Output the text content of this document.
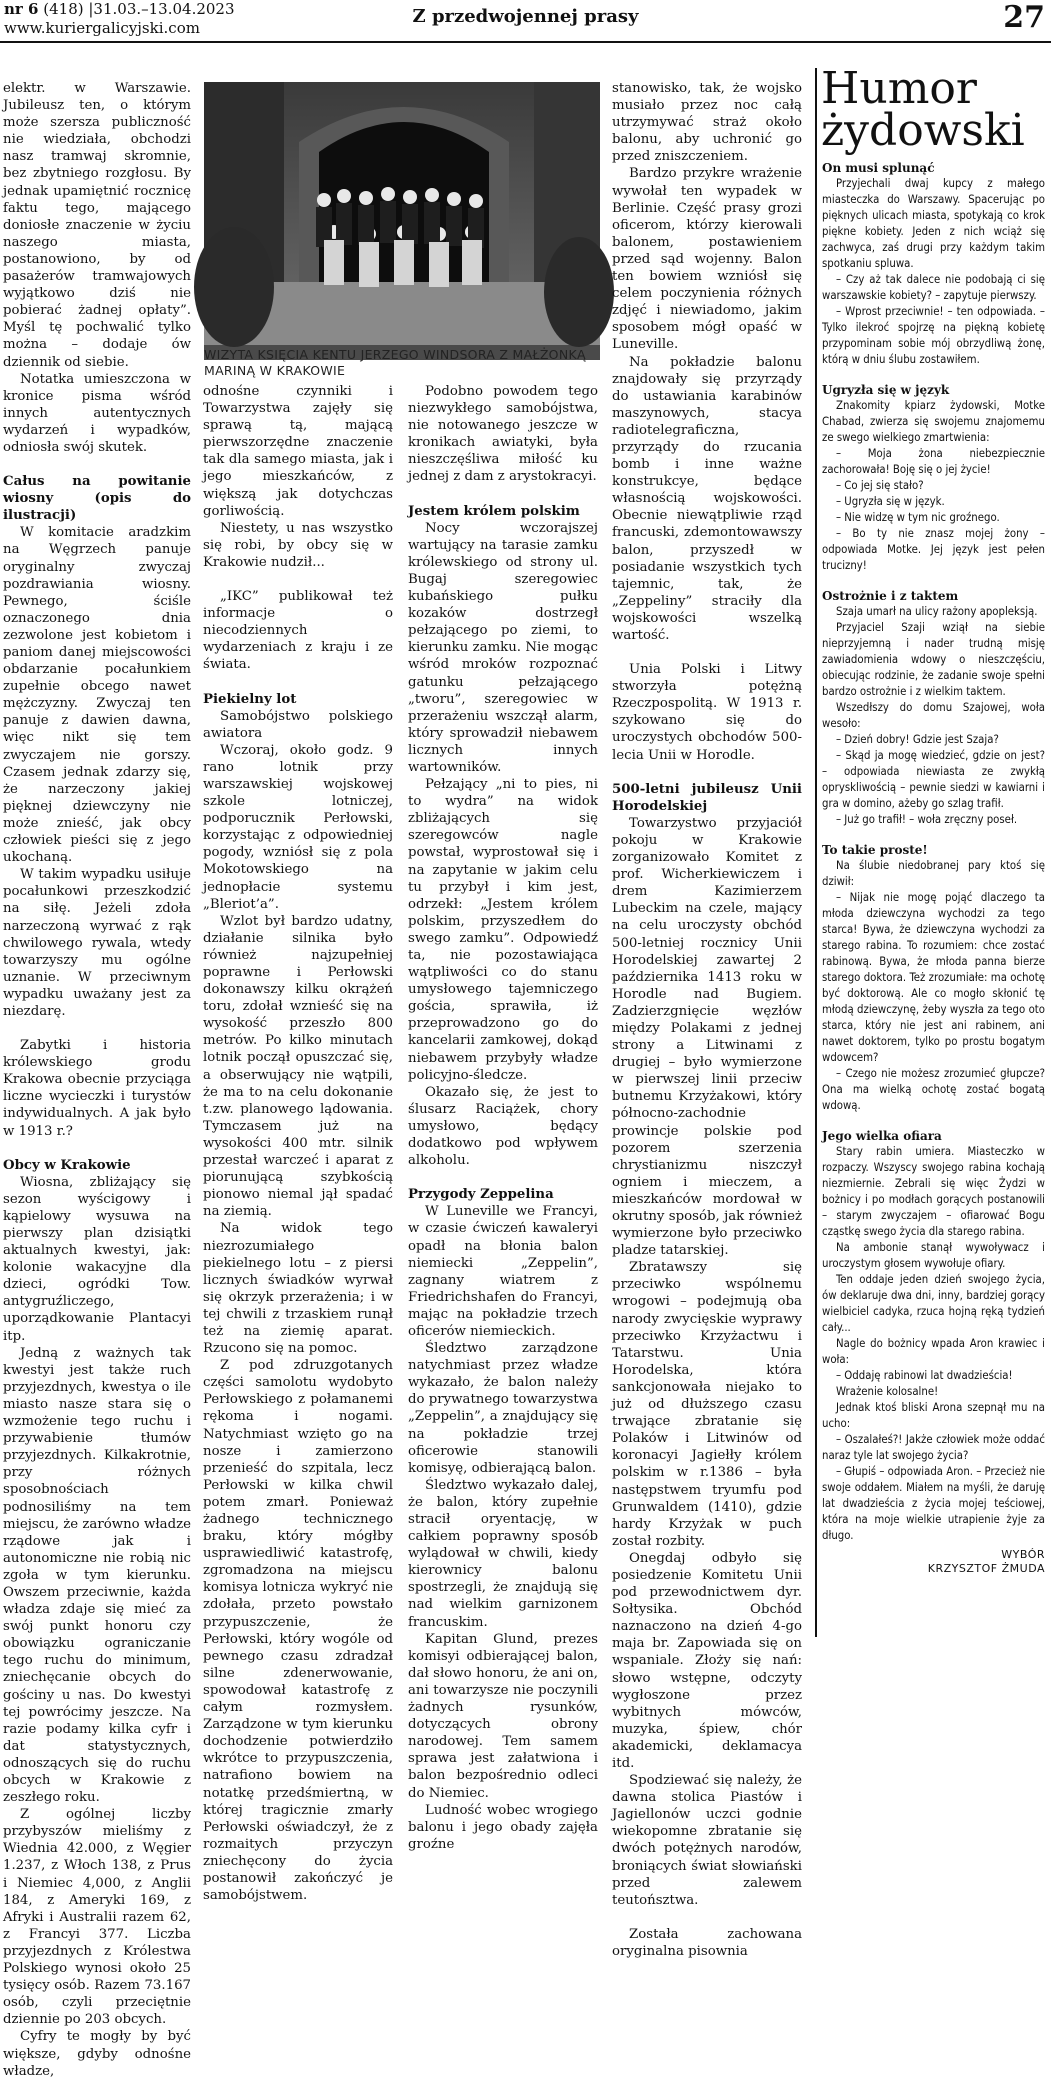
nr 6 (418) |31.03.–13.04.2023
www.kuriergalicyjski.com
Z przedwojennej prasy	27
WIZYTA KSIĘCIA KENTU JERZEGO WINDSORA Z MAŁŻONKĄ MARINĄ W KRAKOWIE

elektr. w Warszawie. Jubileusz ten, o którym może szersza publiczność nie wiedziała, obchodzi nasz tramwaj skromnie, bez zbytniego rozgłosu. By jednak upamiętnić rocznicę faktu tego, mającego doniosłe znaczenie w życiu naszego miasta, postanowiono, by od pasażerów tramwajowych wyjątkowo dziś nie pobierać żadnej opłaty”. Myśl tę pochwalić tylko można – dodaje ów dziennik od siebie.

Notatka umieszczona w kronice pisma wśród innych autentycznych wydarzeń i wypadków, odniosła swój skutek.

Całus na powitanie wiosny (opis do ilustracji)

W komitacie aradzkim na Węgrzech panuje oryginalny zwyczaj pozdrawiania wiosny. Pewnego, ściśle oznaczonego dnia zezwolone jest kobietom i paniom danej miejscowości obdarzanie pocałunkiem zupełnie obcego nawet mężczyzny. Zwyczaj ten panuje z dawien dawna, więc nikt się tem zwyczajem nie gorszy. Czasem jednak zdarzy się, że narzeczony jakiej pięknej dziewczyny nie może znieść, jak obcy człowiek pieści się z jego ukochaną.

W takim wypadku usiłuje pocałunkowi przeszkodzić na siłę. Jeżeli zdoła narzeczoną wyrwać z rąk chwilowego rywala, wtedy towarzyszy mu ogólne uznanie. W przeciwnym wypadku uważany jest za niezdarę.

Zabytki i historia królewskiego grodu Krakowa obecnie przyciąga liczne wycieczki i turystów indywidualnych. A jak było w 1913 r.?

Obcy w Krakowie

Wiosna, zbliżający się sezon wyścigowy i kąpielowy wysuwa na pierwszy plan dzisiątki aktualnych kwestyi, jak: kolonie wakacyjne dla dzieci, ogródki Tow. antygruźliczego, uporządkowanie Plantacyi itp.

Jedną z ważnych tak kwestyi jest także ruch przyjezdnych, kwestya o ile miasto nasze stara się o wzmożenie tego ruchu i przywabienie tłumów przyjezdnych. Kilkakrotnie, przy różnych sposobnościach podnosiliśmy na tem miejscu, że zarówno władze rządowe jak i autonomiczne nie robią nic zgoła w tym kierunku. Owszem przeciwnie, każda władza zdaje się mieć za swój punkt honoru czy obowiązku ograniczanie tego ruchu do minimum, zniechęcanie obcych do gościny u nas. Do kwestyi tej powrócimy jeszcze. Na razie podamy kilka cyfr i dat statystycznych, odnoszących się do ruchu obcych w Krakowie z zeszłego roku.

Z ogólnej liczby przybyszów mieliśmy z Wiednia 42.000, z Węgier 1.237, z Włoch 138, z Prus i Niemiec 4,000, z Anglii 184, z Ameryki 169, z Afryki i Australii razem 62, z Francyi 377. Liczba przyjezdnych z Królestwa Polskiego wynosi około 25 tysięcy osób. Razem 73.167 osób, czyli przeciętnie dziennie po 203 obcych.

Cyfry te mogły by być większe, gdyby odnośne władze,

odnośne czynniki i Towarzystwa zajęły się sprawą tą, mającą pierwszorzędne znaczenie tak dla samego miasta, jak i jego mieszkańców, z większą jak dotychczas gorliwością.

Niestety, u nas wszystko się robi, by obcy się w Krakowie nudził...

„IKC” publikował też informacje o niecodziennych wydarzeniach z kraju i ze świata.

Piekielny lot

Samobójstwo polskiego awiatora

Wczoraj, około godz. 9 rano lotnik przy warszawskiej wojskowej szkole lotniczej, podporucznik Perłowski, korzystając z odpowiedniej pogody, wzniósł się z pola Mokotowskiego na jednopłacie systemu „Bleriot’a”.

Wzlot był bardzo udatny, działanie silnika było również najzupełniej poprawne i Perłowski dokonawszy kilku okrążeń toru, zdołał wznieść się na wysokość przeszło 800 metrów. Po kilko minutach lotnik począł opuszczać się, a obserwujący nie wątpili, że ma to na celu dokonanie t.zw. planowego lądowania. Tymczasem już na wysokości 400 mtr. silnik przestał warczeć i aparat z piorunującą szybkością pionowo niemal jął spadać na ziemią.

Na widok tego niezrozumiałego piekielnego lotu – z piersi licznych świadków wyrwał się okrzyk przerażenia; i w tej chwili z trzaskiem runął też na ziemię aparat. Rzucono się na pomoc.

Z pod zdruzgotanych części samolotu wydobyto Perłowskiego z połamanemi rękoma i nogami. Natychmiast wzięto go na nosze i zamierzono przenieść do szpitala, lecz Perłowski w kilka chwil potem zmarł. Ponieważ żadnego technicznego braku, który mógłby usprawiedliwić katastrofę, zgromadzona na miejscu komisya lotnicza wykryć nie zdołała, przeto powstało przypuszczenie, że Perłowski, który wogóle od pewnego czasu zdradzał silne zdenerwowanie, spowodował katastrofę z całym rozmysłem. Zarządzone w tym kierunku dochodzenie potwierdziło wkrótce to przypuszczenia, natrafiono bowiem na notatkę przedśmiertną, w której tragicznie zmarły Perłowski oświadczył, że z rozmaitych przyczyn zniechęcony do życia postanowił zakończyć je samobójstwem.

Podobno powodem tego niezwykłego samobójstwa, nie notowanego jeszcze w kronikach awiatyki, była nieszczęśliwa miłość ku jednej z dam z arystokracyi.

Jestem królem polskim

Nocy wczorajszej wartujący na tarasie zamku królewskiego od strony ul. Bugaj szeregowiec kubańskiego pułku kozaków dostrzegł pełzającego po ziemi, to kierunku zamku. Nie mogąc wśród mroków rozpoznać gatunku pełzającego „tworu”, szeregowiec w przerażeniu wszczął alarm, który sprowadził niebawem licznych innych wartowników.

Pełzający „ni to pies, ni to wydra” na widok zbliżających się szeregowców nagle powstał, wyprostował się i na zapytanie w jakim celu tu przybył i kim jest, odrzekł: „Jestem królem polskim, przyszedłem do swego zamku”. Odpowiedź ta, nie pozostawiająca wątpliwości co do stanu umysłowego tajemniczego gościa, sprawiła, iż przeprowadzono go do kancelarii zamkowej, dokąd niebawem przybyły władze policyjno-śledcze.

Okazało się, że jest to ślusarz Raciążek, chory umysłowo, będący dodatkowo pod wpływem alkoholu.

Przygody Zeppelina

W Luneville we Francyi, w czasie ćwiczeń kawaleryi opadł na błonia balon niemiecki „Zeppelin”, zagnany wiatrem z Friedrichshafen do Francyi, mając na pokładzie trzech oficerów niemieckich.

Śledztwo zarządzone natychmiast przez władze wykazało, że balon należy do prywatnego towarzystwa „Zeppelin”, a znajdujący się na pokładzie trzej oficerowie stanowili komisyę, odbierającą balon.

Śledztwo wykazało dalej, że balon, który zupełnie stracił oryentację, w całkiem poprawny sposób wylądował w chwili, kiedy kierownicy balonu spostrzegli, że znajdują się nad wielkim garnizonem francuskim.

Kapitan Glund, prezes komisyi odbierającej balon, dał słowo honoru, że ani on, ani towarzysze nie poczynili żadnych rysunków, dotyczących obrony narodowej. Tem samem sprawa jest załatwiona i balon bezpośrednio odleci do Niemiec.

Ludność wobec wrogiego balonu i jego obady zajęła groźne

stanowisko, tak, że wojsko musiało przez noc całą utrzymywać straż około balonu, aby uchronić go przed zniszczeniem.

Bardzo przykre wrażenie wywołał ten wypadek w Berlinie. Część prasy grozi oficerom, którzy kierowali balonem, postawieniem przed sąd wojenny. Balon ten bowiem wzniósł się celem poczynienia różnych zdjęć i niewiadomo, jakim sposobem mógł opaść w Luneville.

Na pokładzie balonu znajdowały się przyrządy do ustawiania karabinów maszynowych, stacya radiotelegraficzna, przyrządy do rzucania bomb i inne ważne konstrukcye, będące własnością wojskowości. Obecnie niewątpliwie rząd francuski, zdemontowawszy balon, przyszedł w posiadanie wszystkich tych tajemnic, tak, że „Zeppeliny” straciły dla wojskowości wszelką wartość.

Unia Polski i Litwy stworzyła potężną Rzeczpospolitą. W 1913 r. szykowano się do uroczystych obchodów 500-lecia Unii w Horodle.

500-letni jubileusz Unii Horodelskiej

Towarzystwo przyjaciół pokoju w Krakowie zorganizowało Komitet z prof. Wicherkiewiczem i drem Kazimierzem Lubeckim na czele, mający na celu uroczysty obchód 500-letniej rocznicy Unii Horodelskiej zawartej 2 października 1413 roku w Horodle nad Bugiem. Zadzierzgnięcie węzłów między Polakami z jednej strony a Litwinami z drugiej – było wymierzone w pierwszej linii przeciw butnemu Krzyżakowi, który północno-zachodnie prowincje polskie pod pozorem szerzenia chrystianizmu niszczył ogniem i mieczem, a mieszkańców mordował w okrutny sposób, jak również wymierzone było przeciwko pladze tatarskiej.

Zbratawszy się przeciwko wspólnemu wrogowi – podejmują oba narody zwycięskie wyprawy przeciwko Krzyżactwu i Tatarstwu. Unia Horodelska, która sankcjonowała niejako to już od dłuższego czasu trwające zbratanie się Polaków i Litwinów od koronacyi Jagiełły królem polskim w r.1386 – była następstwem tryumfu pod Grunwaldem (1410), gdzie hardy Krzyżak w puch został rozbity.

Onegdaj odbyło się posiedzenie Komitetu Unii pod przewodnictwem dyr. Sołtysika. Obchód naznaczono na dzień 4-go maja br. Zapowiada się on wspaniale. Złoży się nań: słowo wstępne, odczyty wygłoszone przez wybitnych mówców, muzyka, śpiew, chór akademicki, deklamacya itd.

Spodziewać się należy, że dawna stolica Piastów i Jagiellonów uczci godnie wiekopomne zbratanie się dwóch potężnych narodów, broniących świat słowiański przed zalewem teutońsztwa.

Została zachowana oryginalna pisownia

Humor
żydowski
On musi splunąć

Przyjechali dwaj kupcy z małego miasteczka do Warszawy. Spacerując po pięknych ulicach miasta, spotykają co krok piękne kobiety. Jeden z nich wciąż się zachwyca, zaś drugi przy każdym takim spotkaniu spluwa.

– Czy aż tak dalece nie podobają ci się warszawskie kobiety? – zapytuje pierwszy.

– Wprost przeciwnie! – ten odpowiada. – Tylko ilekroć spojrzę na piękną kobietę przypominam sobie mój obrzydliwą żonę, którą w dniu ślubu zostawiłem.

Ugryzła się w język

Znakomity kpiarz żydowski, Motke Chabad, zwierza się swojemu znajomemu ze swego wielkiego zmartwienia:

– Moja żona niebezpiecznie zachorowała! Boję się o jej życie!

– Co jej się stało?

– Ugryzła się w język.

– Nie widzę w tym nic groźnego.

– Bo ty nie znasz mojej żony – odpowiada Motke. Jej język jest pełen trucizny!

Ostrożnie i z taktem

Szaja umarł na ulicy rażony apopleksją.

Przyjaciel Szaji wziął na siebie nieprzyjemną i nader trudną misję zawiadomienia wdowy o nieszczęściu, obiecując rodzinie, że zadanie swoje spełni bardzo ostrożnie i z wielkim taktem.

Wszedłszy do domu Szajowej, woła wesoło:

– Dzień dobry! Gdzie jest Szaja?

– Skąd ja mogę wiedzieć, gdzie on jest? – odpowiada niewiasta ze zwykłą opryskliwością – pewnie siedzi w kawiarni i gra w domino, ażeby go szlag trafił.

– Już go trafił! – woła zręczny poseł.

To takie proste!

Na ślubie niedobranej pary ktoś się dziwił:

– Nijak nie mogę pojąć dlaczego ta młoda dziewczyna wychodzi za tego starca! Bywa, że dziewczyna wychodzi za starego rabina. To rozumiem: chce zostać rabinową. Bywa, że młoda panna bierze starego doktora. Też zrozumiałe: ma ochotę być doktorową. Ale co mogło skłonić tę młodą dziewczynę, żeby wyszła za tego oto starca, który nie jest ani rabinem, ani nawet doktorem, tylko po prostu bogatym wdowcem?

– Czego nie możesz zrozumieć głupcze? Ona ma wielką ochotę zostać bogatą wdową.

Jego wielka ofiara

Stary rabin umiera. Miasteczko w rozpaczy. Wszyscy swojego rabina kochają niezmiernie. Zebrali się więc Żydzi w bożnicy i po modłach gorących postanowili – starym zwyczajem – ofiarować Bogu cząstkę swego życia dla starego rabina.

Na ambonie stanął wywoływacz i uroczystym głosem wywołuje ofiary.

Ten oddaje jeden dzień swojego życia, ów deklaruje dwa dni, inny, bardziej gorący wielbiciel cadyka, rzuca hojną ręką tydzień cały...

Nagle do bożnicy wpada Aron krawiec i woła:

– Oddaję rabinowi lat dwadzieścia!

Wrażenie kolosalne!

Jednak ktoś bliski Arona szepnął mu na ucho:

– Oszalałeś?! Jakże człowiek może oddać naraz tyle lat swojego życia?

– Głupiś – odpowiada Aron. – Przecież nie swoje oddałem. Miałem na myśli, że daruję lat dwadzieścia z życia mojej teściowej, która na moje wielkie utrapienie żyje za długo.

WYBÓR
KRZYSZTOF ŻMUDA
